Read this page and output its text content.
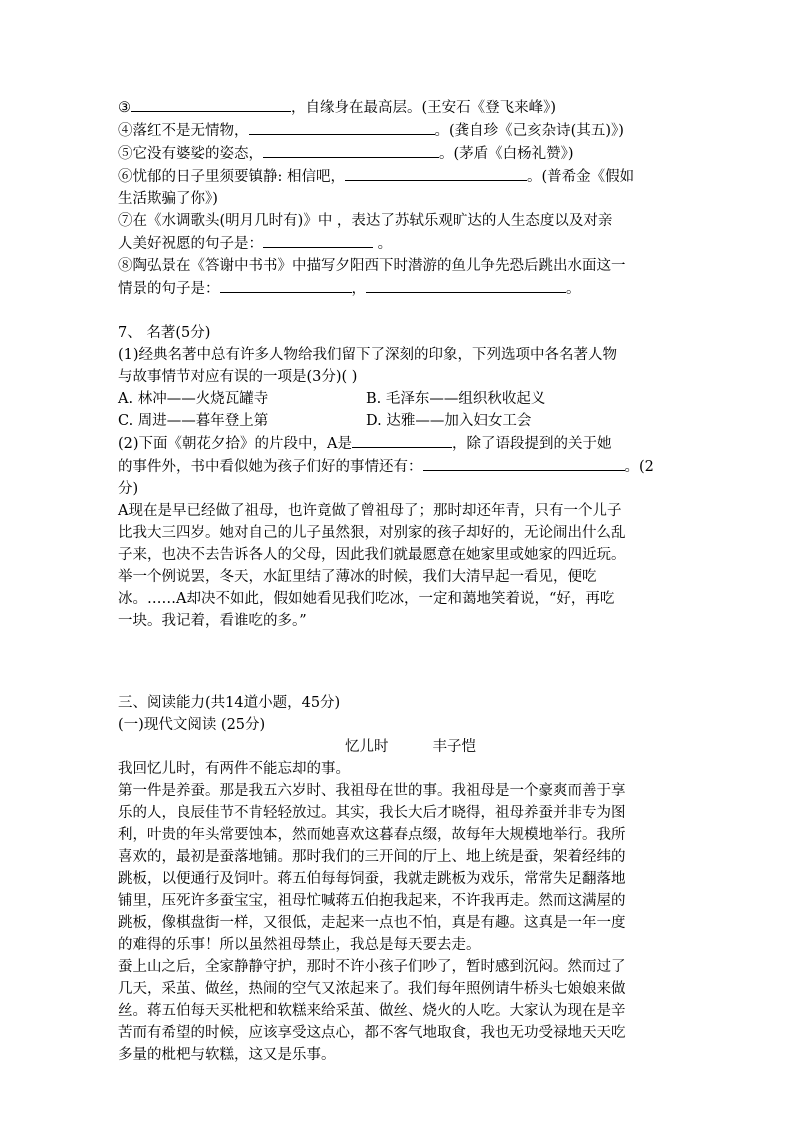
③	，自缘身在最高层。(王安石《登飞来峰》)
④落红不是无情物，	。(龚自珍《己亥杂诗(其五)》)
⑤它没有婆娑的姿态，	。(茅盾《白杨礼赞》)
⑥忧郁的日子里须要镇静: 相信吧，	。(普希金《假如
生活欺骗了你》)
⑦在《水调歌头(明月几时有)》中 ，表达了苏轼乐观旷达的人生态度以及对亲
人美好祝愿的句子是：	。
⑧陶弘景在《答谢中书书》中描写夕阳西下时潜游的鱼儿争先恐后跳出水面这一
情景的句子是：	，	。
7、 名著(5分)
(1)经典名著中总有许多人物给我们留下了深刻的印象，下列选项中各名著人物
与故事情节对应有误的一项是(3分)( )
A. 林冲——火烧瓦罐寺	B. 毛泽东——组织秋收起义
C. 周进——暮年登上第	D. 达雅——加入妇女工会
(2)下面《朝花夕拾》的片段中，A是	，除了语段提到的关于她
的事件外，书中看似她为孩子们好的事情还有：	。(2
分)
A现在是早已经做了祖母，也许竟做了曾祖母了；那时却还年青，只有一个儿子
比我大三四岁。她对自己的儿子虽然狠，对别家的孩子却好的，无论闹出什么乱
子来，也决不去告诉各人的父母，因此我们就最愿意在她家里或她家的四近玩。
举一个例说罢，冬天，水缸里结了薄冰的时候，我们大清早起一看见，便吃
冰。……A却决不如此，假如她看见我们吃冰，一定和蔼地笑着说，“好，再吃
一块。我记着，看谁吃的多。”
三、阅读能力(共14道小题，45分)
(一)现代文阅读 (25分)
忆儿时	丰子恺
我回忆儿时，有两件不能忘却的事。
第一件是养蚕。那是我五六岁时、我祖母在世的事。我祖母是一个豪爽而善于享
乐的人，良辰佳节不肯轻轻放过。其实，我长大后才晓得，祖母养蚕并非专为图
利，叶贵的年头常要蚀本，然而她喜欢这暮春点缀，故每年大规模地举行。我所
喜欢的，最初是蚕落地铺。那时我们的三开间的厅上、地上统是蚕，架着经纬的
跳板，以便通行及饲叶。蒋五伯每每饲蚕，我就走跳板为戏乐，常常失足翻落地
铺里，压死许多蚕宝宝，祖母忙喊蒋五伯抱我起来，不许我再走。然而这满屋的
跳板，像棋盘街一样，又很低，走起来一点也不怕，真是有趣。这真是一年一度
的难得的乐事！所以虽然祖母禁止，我总是每天要去走。
蚕上山之后，全家静静守护，那时不许小孩子们吵了，暂时感到沉闷。然而过了
几天，采茧、做丝，热闹的空气又浓起来了。我们每年照例请牛桥头七娘娘来做
丝。蒋五伯每天买枇杷和软糕来给采茧、做丝、烧火的人吃。大家认为现在是辛
苦而有希望的时候，应该享受这点心，都不客气地取食，我也无功受禄地天天吃
多量的枇杷与软糕，这又是乐事。
